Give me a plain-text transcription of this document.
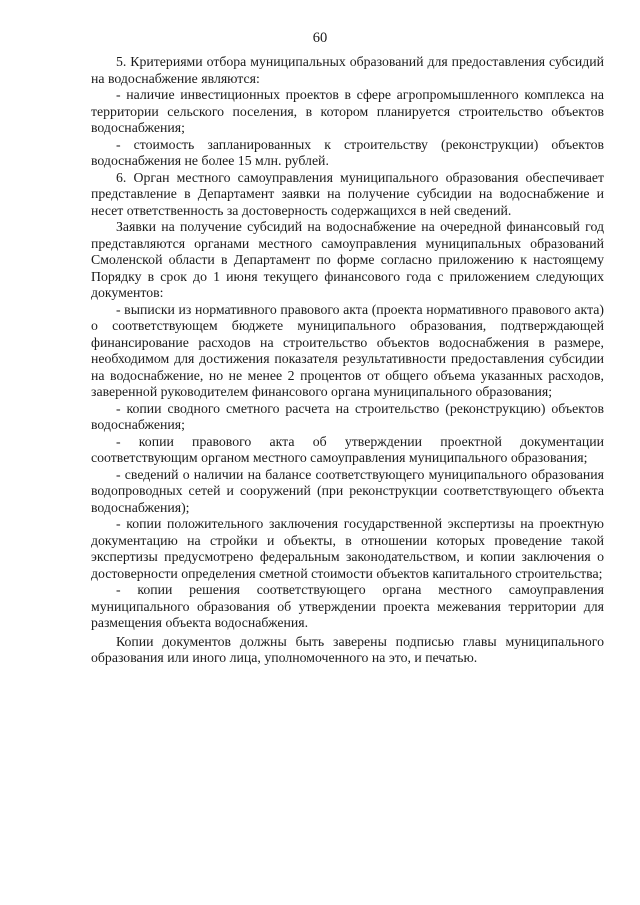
60

5. Критериями отбора муниципальных образований для предоставления субсидий на водоснабжение являются:

- наличие инвестиционных проектов в сфере агропромышленного комплекса на территории сельского поселения, в котором планируется строительство объектов водоснабжения;

- стоимость запланированных к строительству (реконструкции) объектов водоснабжения не более 15 млн. рублей.

6. Орган местного самоуправления муниципального образования обеспечивает представление в Департамент заявки на получение субсидии на водоснабжение и несет ответственность за достоверность содержащихся в ней сведений.

Заявки на получение субсидий на водоснабжение на очередной финансовый год представляются органами местного самоуправления муниципальных образований Смоленской области в Департамент по форме согласно приложению к настоящему Порядку в срок до 1 июня текущего финансового года с приложением следующих документов:

- выписки из нормативного правового акта (проекта нормативного правового акта) о соответствующем бюджете муниципального образования, подтверждающей финансирование расходов на строительство объектов водоснабжения в размере, необходимом для достижения показателя результативности предоставления субсидии на водоснабжение, но не менее 2 процентов от общего объема указанных расходов, заверенной руководителем финансового органа муниципального образования;

- копии сводного сметного расчета на строительство (реконструкцию) объектов водоснабжения;

- копии правового акта об утверждении проектной документации соответствующим органом местного самоуправления муниципального образования;

- сведений о наличии на балансе соответствующего муниципального образования водопроводных сетей и сооружений (при реконструкции соответствующего объекта водоснабжения);

- копии положительного заключения государственной экспертизы на проектную документацию на стройки и объекты, в отношении которых проведение такой экспертизы предусмотрено федеральным законодательством, и копии заключения о достоверности определения сметной стоимости объектов капитального строительства;

- копии решения соответствующего органа местного самоуправления муниципального образования об утверждении проекта межевания территории для размещения объекта водоснабжения.

Копии документов должны быть заверены подписью главы муниципального образования или иного лица, уполномоченного на это, и печатью.
